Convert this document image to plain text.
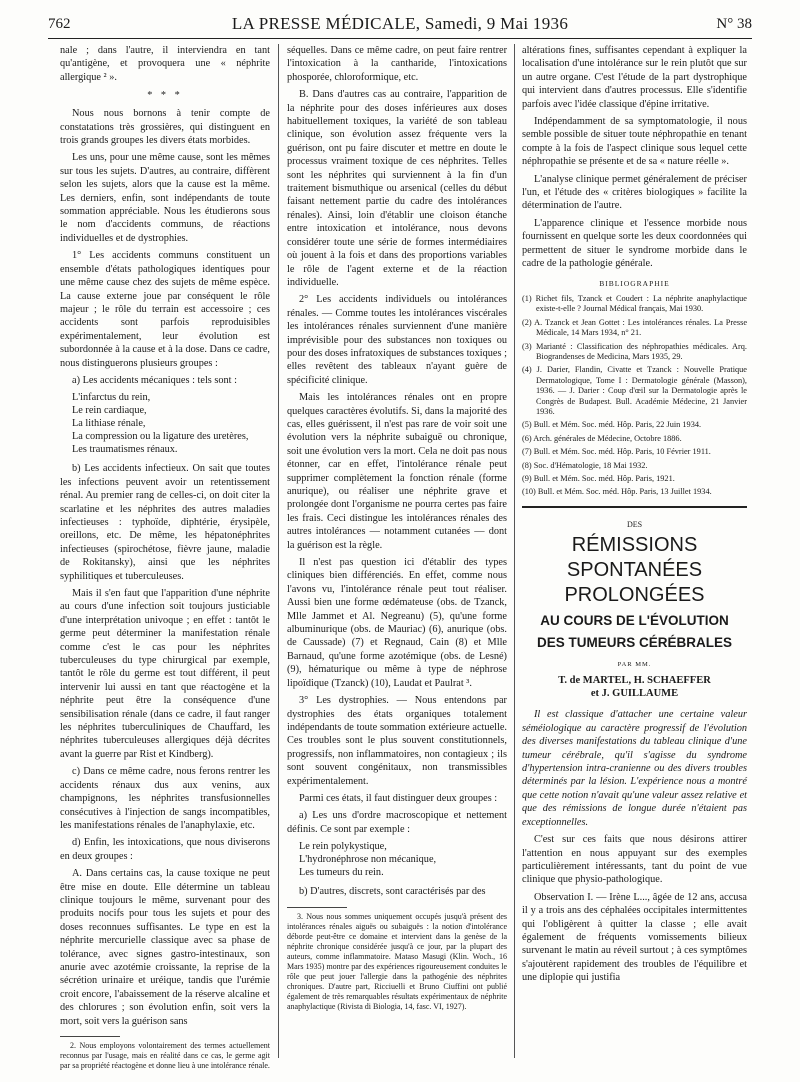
762	LA PRESSE MÉDICALE, Samedi, 9 Mai 1936	N° 38

nale ; dans l'autre, il interviendra en tant qu'antigène, et provoquera une « néphrite allergique ² ».

* * *

Nous nous bornons à tenir compte de constatations très grossières, qui distinguent en trois grands groupes les divers états morbides.

Les uns, pour une même cause, sont les mêmes sur tous les sujets. D'autres, au contraire, diffèrent selon les sujets, alors que la cause est la même. Les derniers, enfin, sont indépendants de toute sommation appréciable. Nous les étudierons sous le nom d'accidents communs, de réactions individuelles et de dystrophies.

1° Les accidents communs constituent un ensemble d'états pathologiques identiques pour une même cause chez des sujets de même espèce. La cause externe joue par conséquent le rôle majeur ; le rôle du terrain est accessoire ; ces accidents sont parfois reproduisibles expérimentalement, leur évolution est subordonnée à la cause et à la dose. Dans ce cadre, nous distinguerons plusieurs groupes :

a) Les accidents mécaniques : tels sont :

L'infarctus du rein,
Le rein cardiaque,
La lithiase rénale,
La compression ou la ligature des uretères,
Les traumatismes rénaux.

b) Les accidents infectieux. On sait que toutes les infections peuvent avoir un retentissement rénal. Au premier rang de celles-ci, on doit citer la scarlatine et les néphrites des autres maladies infectieuses : typhoïde, diphtérie, érysipèle, oreillons, etc. De même, les hépatonéphrites infectieuses (spirochétose, fièvre jaune, maladie de Rokitansky), ainsi que les néphrites syphilitiques et tuberculeuses.

Mais il s'en faut que l'apparition d'une néphrite au cours d'une infection soit toujours justiciable d'une interprétation univoque ; en effet : tantôt le germe peut déterminer la manifestation rénale comme c'est le cas pour les néphrites tuberculeuses du type chirurgical par exemple, tantôt le rôle du germe est tout différent, il peut intervenir lui aussi en tant que réactogène et la néphrite peut être la conséquence d'une sensibilisation rénale (dans ce cadre, il faut ranger les néphrites tuberculiniques de Chauffard, les néphrites tuberculeuses allergiques déjà décrites avant la guerre par Rist et Kindberg).

c) Dans ce même cadre, nous ferons rentrer les accidents rénaux dus aux venins, aux champignons, les néphrites transfusionnelles consécutives à l'injection de sangs incompatibles, les manifestations rénales de l'anaphylaxie, etc.

d) Enfin, les intoxications, que nous diviserons en deux groupes :

A. Dans certains cas, la cause toxique ne peut être mise en doute. Elle détermine un tableau clinique toujours le même, survenant pour des produits nocifs pour tous les sujets et pour des doses reconnues suffisantes. Le type en est la néphrite mercurielle classique avec sa phase de tolérance, avec signes gastro-intestinaux, son anurie avec azotémie croissante, la reprise de la sécrétion urinaire et uréique, tandis que l'urémie croit encore, l'abaissement de la réserve alcaline et des chlorures ; son évolution enfin, soit vers la mort, soit vers la guérison sans

2. Nous employons volontairement des termes actuellement reconnus par l'usage, mais en réalité dans ce cas, le germe agit par sa propriété réactogène et donne lieu à une intolérance rénale.

séquelles. Dans ce même cadre, on peut faire rentrer l'intoxication à la cantharide, l'intoxications phosporée, chloroformique, etc.

B. Dans d'autres cas au contraire, l'apparition de la néphrite pour des doses inférieures aux doses habituellement toxiques, la variété de son tableau clinique, son évolution assez fréquente vers la guérison, ont pu faire discuter et mettre en doute le processus vraiment toxique de ces néphrites. Telles sont les néphrites qui surviennent à la fin d'un traitement bismuthique ou arsenical (celles du début faisant nettement partie du cadre des intolérances rénales). Ainsi, loin d'établir une cloison étanche entre intoxication et intolérance, nous devons considérer toute une série de formes intermédiaires où jouent à la fois et dans des proportions variables le rôle de l'agent externe et de la réaction individuelle.

2° Les accidents individuels ou intolérances rénales. — Comme toutes les intolérances viscérales les intolérances rénales surviennent d'une manière imprévisible pour des substances non toxiques ou pour des doses infratoxiques de substances toxiques ; elles revêtent des tableaux n'ayant guère de spécificité clinique.

Mais les intolérances rénales ont en propre quelques caractères évolutifs. Si, dans la majorité des cas, elles guérissent, il n'est pas rare de voir soit une évolution vers la néphrite subaiguë ou chronique, soit une évolution vers la mort. Cela ne doit pas nous étonner, car en effet, l'intolérance rénale peut supprimer complètement la fonction rénale (forme anurique), ou réaliser une néphrite grave et prolongée dont l'organisme ne pourra certes pas faire les frais. Ceci distingue les intolérances rénales des autres intolérances — notamment cutanées — dont la guérison est la règle.

Il n'est pas question ici d'établir des types cliniques bien différenciés. En effet, comme nous l'avons vu, l'intolérance rénale peut tout réaliser. Aussi bien une forme œdémateuse (obs. de Tzanck, Mlle Jammet et Al. Negreanu) (5), qu'une forme albuminurique (obs. de Mauriac) (6), anurique (obs. de Caussade) (7) et Regnaud, Cain (8) et Mlle Barnaud, qu'une forme azotémique (obs. de Lesné) (9), hématurique ou même à type de néphrose lipoïdique (Tzanck) (10), Laudat et Paulrat ³.

3° Les dystrophies. — Nous entendons par dystrophies des états organiques totalement indépendants de toute sommation extérieure actuelle. Ces troubles sont le plus souvent constitutionnels, progressifs, non inflammatoires, non contagieux ; ils sont souvent congénitaux, non transmissibles expérimentalement.

Parmi ces états, il faut distinguer deux groupes :

a) Les uns d'ordre macroscopique et nettement définis. Ce sont par exemple :

Le rein polykystique,
L'hydronéphrose non mécanique,
Les tumeurs du rein.

b) D'autres, discrets, sont caractérisés par des

3. Nous nous sommes uniquement occupés jusqu'à présent des intolérances rénales aiguës ou subaiguës : la notion d'intolérance déborde peut-être ce domaine et intervient dans la genèse de la néphrite chronique considérée jusqu'à ce jour, par la plupart des auteurs, comme inflammatoire. Mataso Masugi (Klin. Woch., 16 Mars 1935) montre par des expériences rigoureusement conduites le rôle que peut jouer l'allergie dans la pathogénie des néphrites chroniques. D'autre part, Ricciuelli et Bruno Ciuffini ont publié également de très remarquables résultats expérimentaux de néphrite anaphylactique (Rivista di Biologia, 14, fasc. VI, 1927).

altérations fines, suffisantes cependant à expliquer la localisation d'une intolérance sur le rein plutôt que sur un autre organe. C'est l'étude de la part dystrophique qui intervient dans d'autres processus. Elle s'identifie parfois avec l'idée classique d'épine irritative.

Indépendamment de sa symptomatologie, il nous semble possible de situer toute néphropathie en tenant compte à la fois de l'aspect clinique sous lequel cette néphropathie se présente et de sa « nature réelle ».

L'analyse clinique permet généralement de préciser l'un, et l'étude des « critères biologiques » facilite la détermination de l'autre.

L'apparence clinique et l'essence morbide nous fournissent en quelque sorte les deux coordonnées qui permettent de situer le syndrome morbide dans le cadre de la pathologie générale.

BIBLIOGRAPHIE

(1) Richet fils, Tzanck et Coudert : La néphrite anaphylactique existe-t-elle ? Journal Médical français, Mai 1930.

(2) A. Tzanck et Jean Gottet : Les intolérances rénales. La Presse Médicale, 14 Mars 1934, n° 21.

(3) Marianté : Classification des néphropathies médicales. Arq. Biograndenses de Medicina, Mars 1935, 29.

(4) J. Darier, Flandin, Civatte et Tzanck : Nouvelle Pratique Dermatologique, Tome I : Dermatologie générale (Masson), 1936. — J. Darier : Coup d'œil sur la Dermatologie après le Congrès de Budapest. Bull. Académie Médecine, 21 Janvier 1936.

(5) Bull. et Mém. Soc. méd. Hôp. Paris, 22 Juin 1934.

(6) Arch. générales de Médecine, Octobre 1886.

(7) Bull. et Mém. Soc. méd. Hôp. Paris, 10 Février 1911.

(8) Soc. d'Hématologie, 18 Mai 1932.

(9) Bull. et Mém. Soc. méd. Hôp. Paris, 1921.

(10) Bull. et Mém. Soc. méd. Hôp. Paris, 13 Juillet 1934.

DES

RÉMISSIONS SPONTANÉES

PROLONGÉES

AU COURS DE L'ÉVOLUTION

DES TUMEURS CÉRÉBRALES

PAR MM.

T. de MARTEL, H. SCHAEFFER

et J. GUILLAUME

Il est classique d'attacher une certaine valeur séméiologique au caractère progressif de l'évolution des diverses manifestations du tableau clinique d'une tumeur cérébrale, qu'il s'agisse du syndrome d'hypertension intra-cranienne ou des divers troubles déterminés par la lésion. L'expérience nous a montré que cette notion n'avait qu'une valeur assez relative et que des rémissions de longue durée n'étaient pas exceptionnelles.

C'est sur ces faits que nous désirons attirer l'attention en nous appuyant sur des exemples particulièrement intéressants, tant du point de vue clinique que physio-pathologique.

Observation I. — Irène L..., âgée de 12 ans, accusa il y a trois ans des céphalées occipitales intermittentes qui l'obligèrent à quitter la classe ; elle avait également de fréquents vomissements bilieux survenant le matin au réveil surtout ; à ces symptômes s'ajoutèrent rapidement des troubles de l'équilibre et une diplopie qui justifia
